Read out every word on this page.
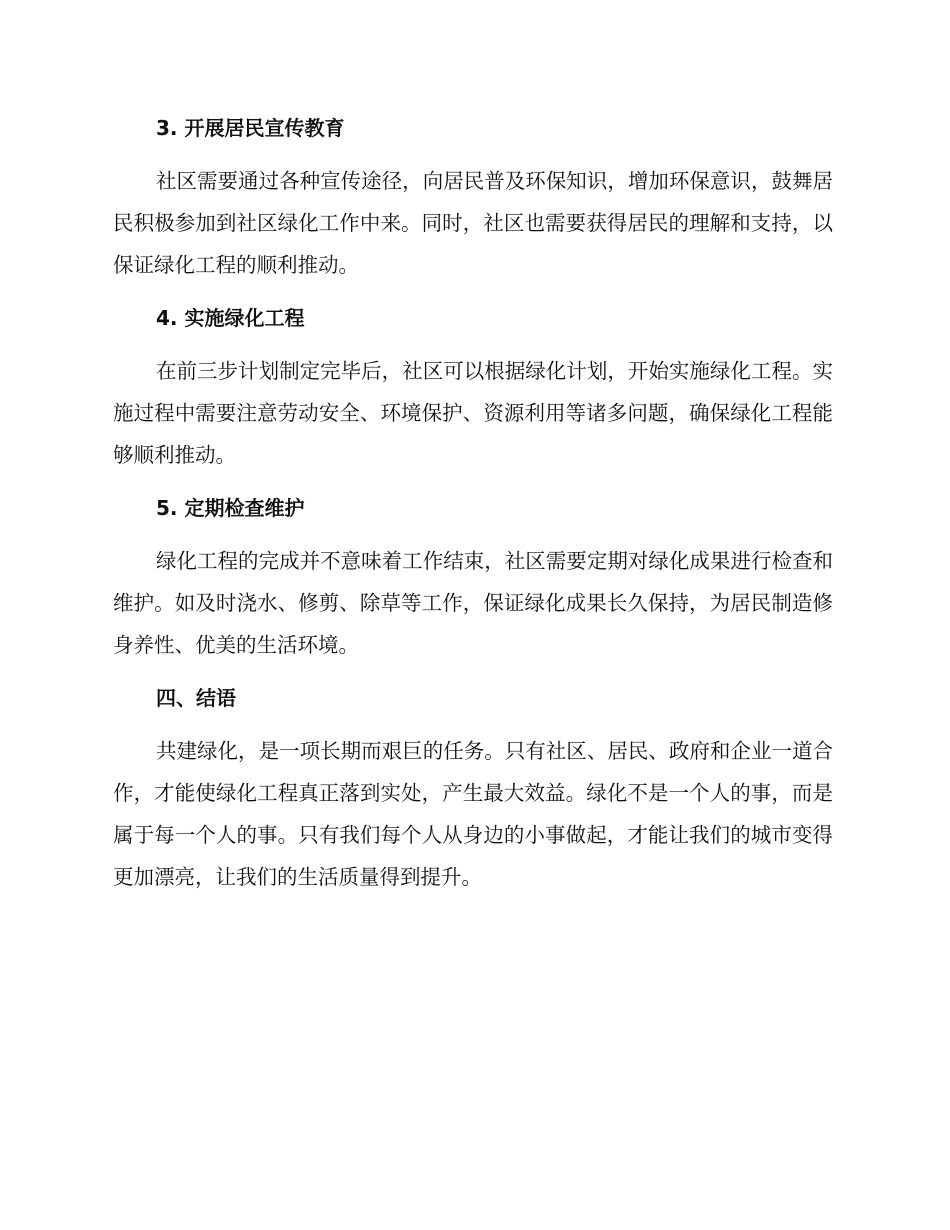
3. 开展居民宣传教育

社区需要通过各种宣传途径，向居民普及环保知识，增加环保意识，鼓舞居民积极参加到社区绿化工作中来。同时，社区也需要获得居民的理解和支持，以保证绿化工程的顺利推动。

4. 实施绿化工程

在前三步计划制定完毕后，社区可以根据绿化计划，开始实施绿化工程。实施过程中需要注意劳动安全、环境保护、资源利用等诸多问题，确保绿化工程能够顺利推动。

5. 定期检查维护

绿化工程的完成并不意味着工作结束，社区需要定期对绿化成果进行检查和维护。如及时浇水、修剪、除草等工作，保证绿化成果长久保持，为居民制造修身养性、优美的生活环境。

四、结语

共建绿化，是一项长期而艰巨的任务。只有社区、居民、政府和企业一道合作，才能使绿化工程真正落到实处，产生最大效益。绿化不是一个人的事，而是属于每一个人的事。只有我们每个人从身边的小事做起，才能让我们的城市变得更加漂亮，让我们的生活质量得到提升。
